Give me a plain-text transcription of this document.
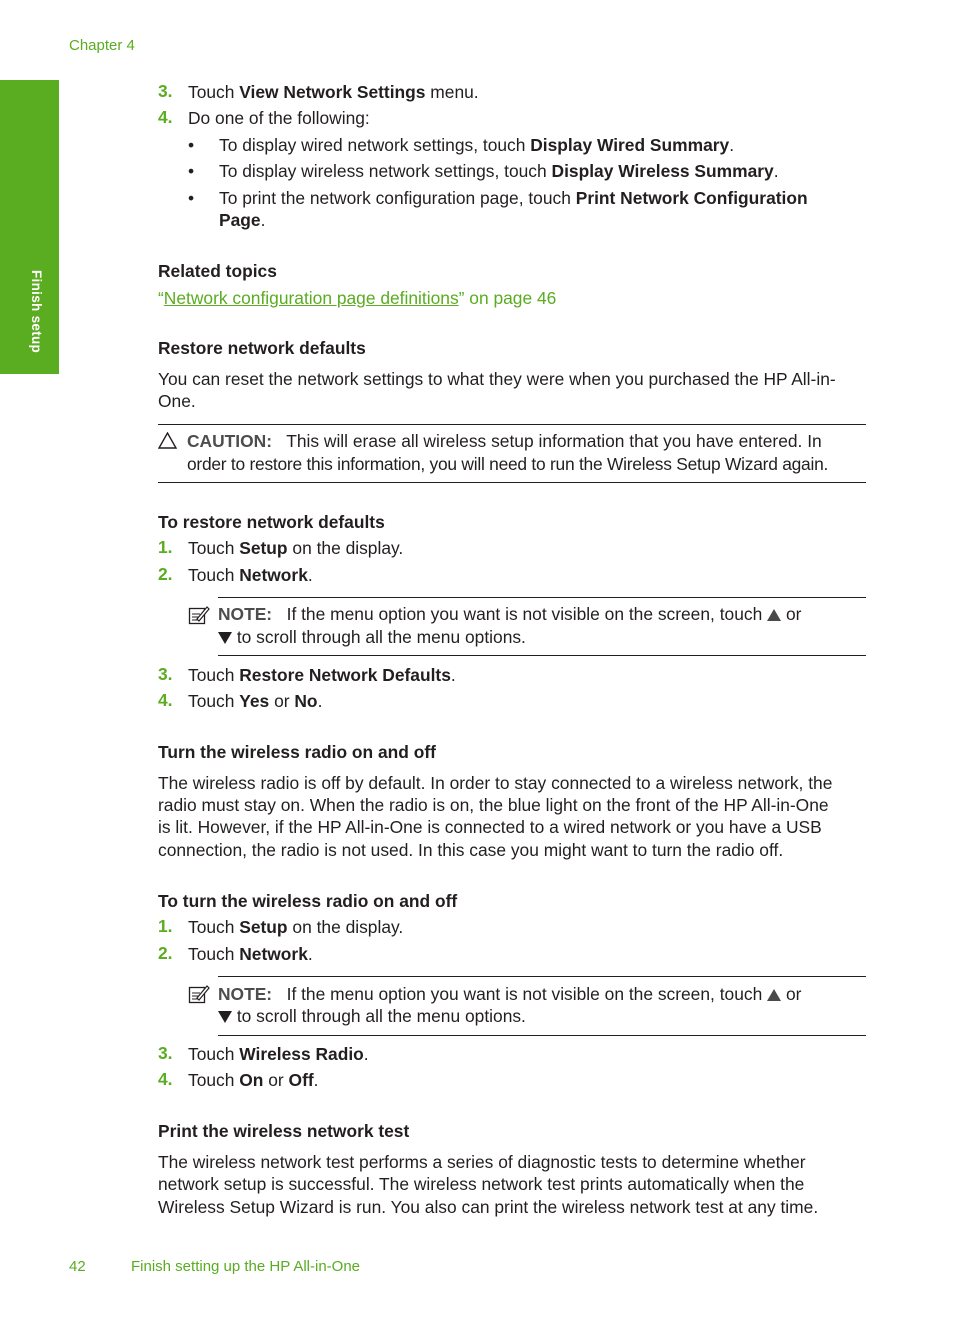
Chapter 4
Finish setup
3. Touch View Network Settings menu.
4. Do one of the following:
• To display wired network settings, touch Display Wired Summary.
• To display wireless network settings, touch Display Wireless Summary.
• To print the network configuration page, touch Print Network Configuration
Page.
Related topics
“Network configuration page definitions” on page 46
Restore network defaults
You can reset the network settings to what they were when you purchased the HP All-in-
One.
CAUTION: This will erase all wireless setup information that you have entered. In
order to restore this information, you will need to run the Wireless Setup Wizard again.
To restore network defaults
1. Touch Setup on the display.
2. Touch Network.
NOTE: If the menu option you want is not visible on the screen, touch or
to scroll through all the menu options.
3. Touch Restore Network Defaults.
4. Touch Yes or No.
Turn the wireless radio on and off
The wireless radio is off by default. In order to stay connected to a wireless network, the
radio must stay on. When the radio is on, the blue light on the front of the HP All-in-One
is lit. However, if the HP All-in-One is connected to a wired network or you have a USB
connection, the radio is not used. In this case you might want to turn the radio off.
To turn the wireless radio on and off
1. Touch Setup on the display.
2. Touch Network.
NOTE: If the menu option you want is not visible on the screen, touch or
to scroll through all the menu options.
3. Touch Wireless Radio.
4. Touch On or Off.
Print the wireless network test
The wireless network test performs a series of diagnostic tests to determine whether
network setup is successful. The wireless network test prints automatically when the
Wireless Setup Wizard is run. You also can print the wireless network test at any time.
42	Finish setting up the HP All-in-One
